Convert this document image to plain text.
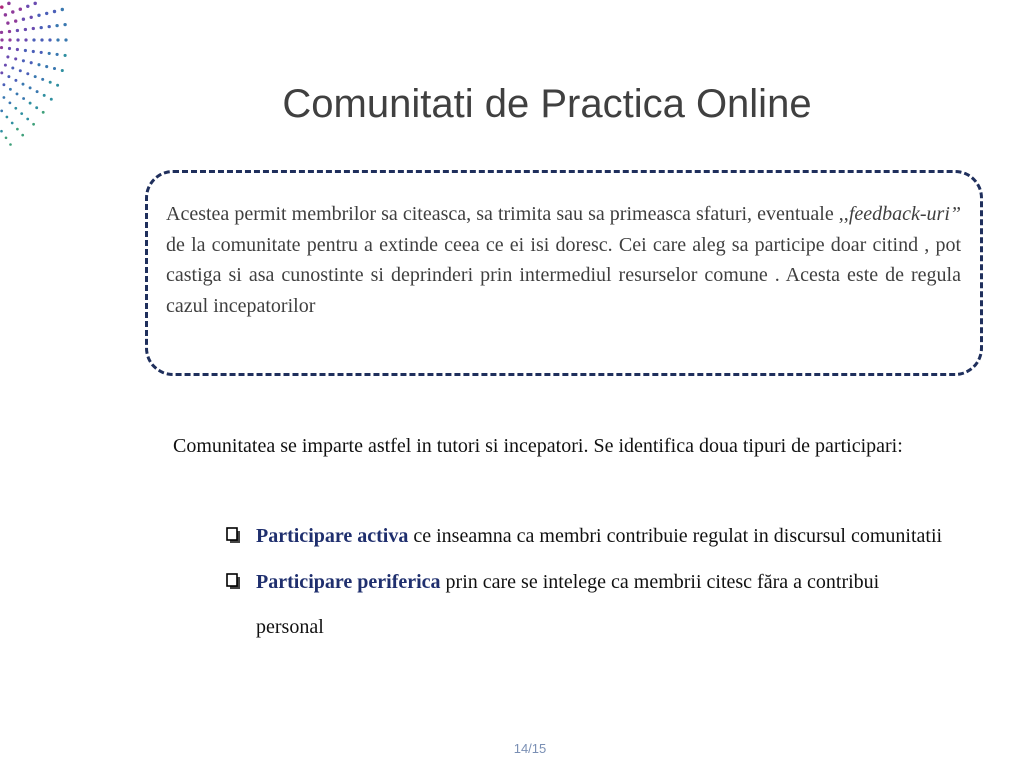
Comunitati de Practica Online

Acestea permit membrilor sa citeasca, sa trimita sau sa primeasca sfaturi, eventuale ,,feedback-uri” de la comunitate pentru a extinde ceea ce ei isi doresc. Cei care aleg sa participe doar citind , pot castiga si asa cunostinte si deprinderi prin intermediul resurselor comune . Acesta este de regula cazul incepatorilor

Comunitatea se imparte astfel in tutori si incepatori. Se identifica doua tipuri de participari:

Participare activa ce inseamna ca membri contribuie regulat in discursul comunitatii
Participare periferica prin care se intelege ca membrii citesc făra a contribui personal
14/15
